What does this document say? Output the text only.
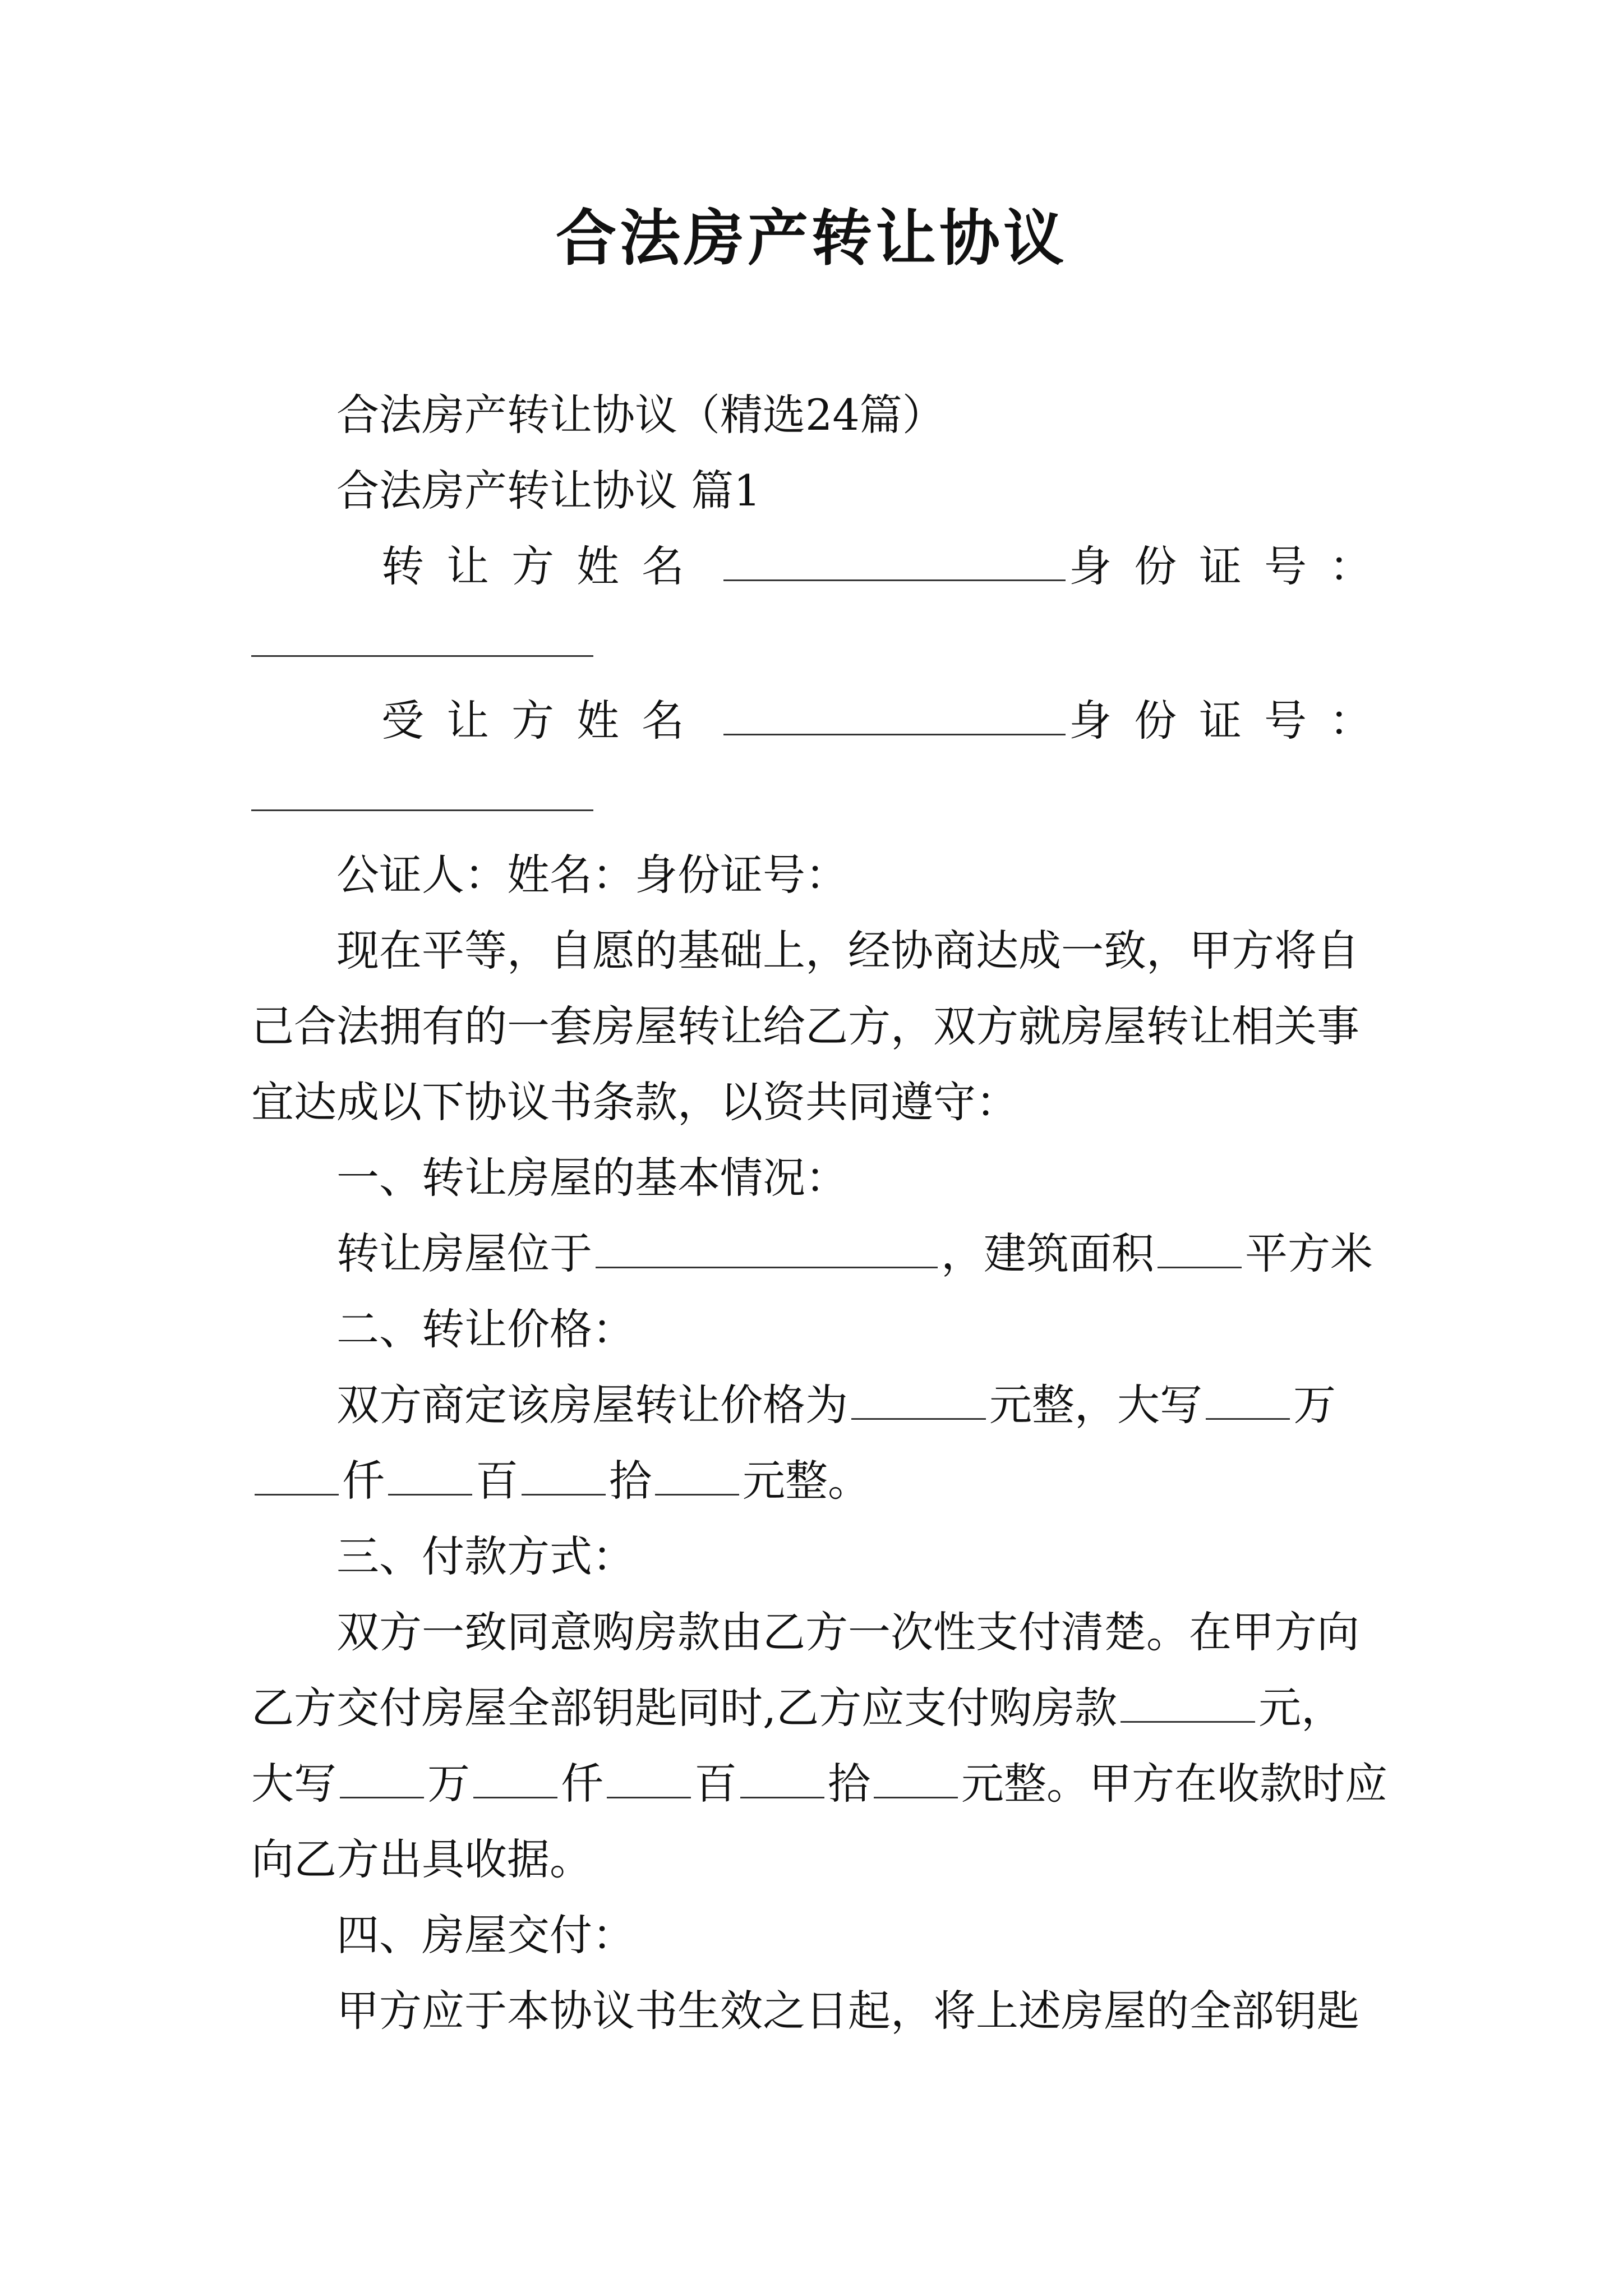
合法房产转让协议
合法房产转让协议（精选24篇）
合法房产转让协议 篇1
转让方姓名	身份证号：
受让方姓名	身份证号：
公证人：姓名：身份证号：
现在平等，自愿的基础上，经协商达成一致，甲方将自
己合法拥有的一套房屋转让给乙方，双方就房屋转让相关事
宜达成以下协议书条款，以资共同遵守：
一、转让房屋的基本情况：
转让房屋位于	，建筑面积 平方米
二、转让价格：
双方商定该房屋转让价格为	元整，大写 万
仟 百 拾 元整。
三、付款方式：
双方一致同意购房款由乙方一次性支付清楚。在甲方向
乙方交付房屋全部钥匙同时,乙方应支付购房款	元，
大写 万 仟 百 拾 元整。甲方在收款时应
向乙方出具收据。
四、房屋交付：
甲方应于本协议书生效之日起，将上述房屋的全部钥匙
